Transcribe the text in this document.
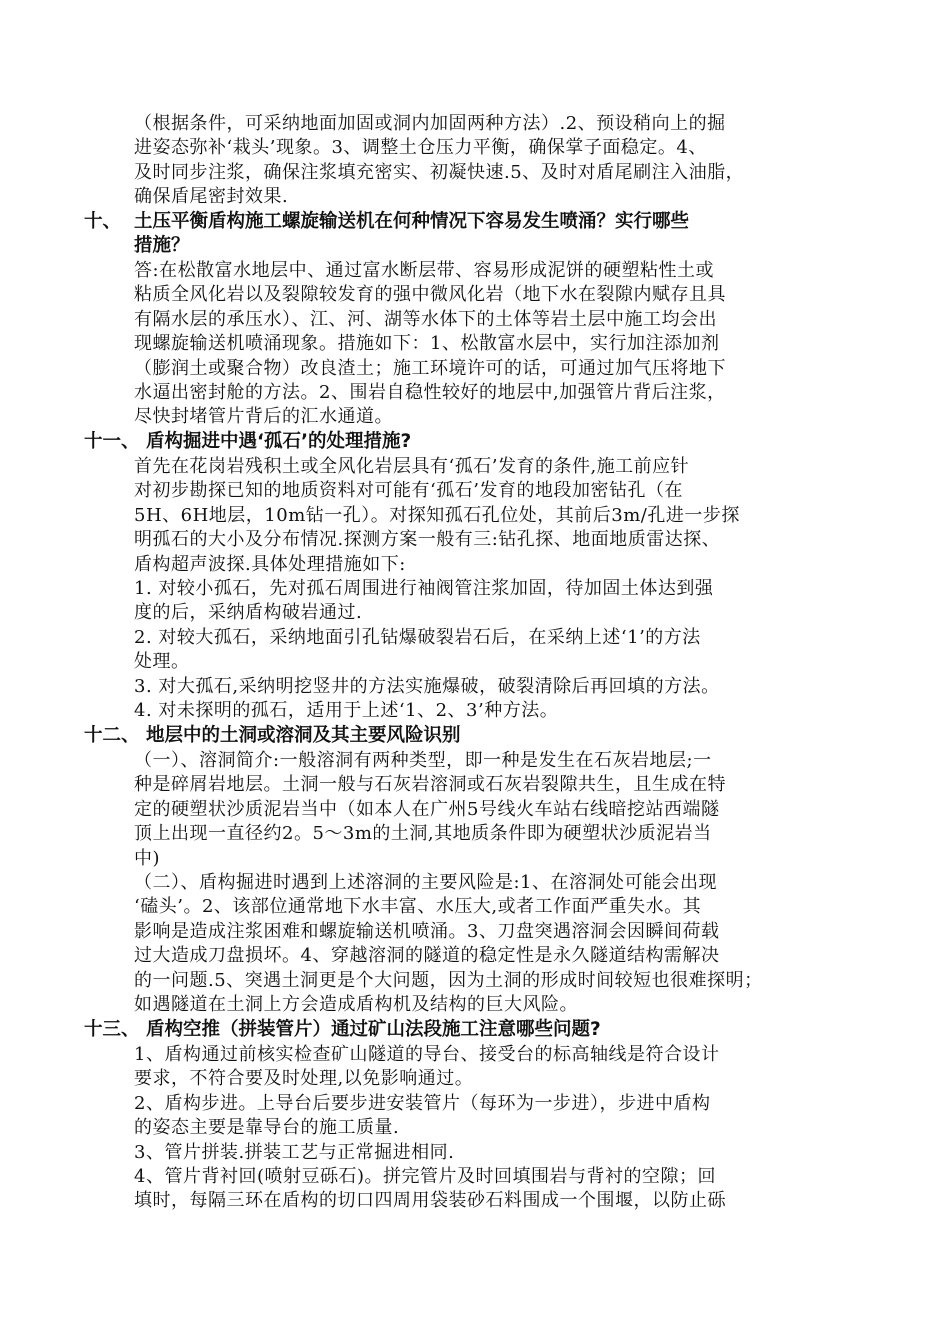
（根据条件，可采纳地面加固或洞内加固两种方法）.2、预设稍向上的掘
进姿态弥补‘栽头’现象。3、调整土仓压力平衡，确保掌子面稳定。4、
及时同步注浆，确保注浆填充密实、初凝快速.5、及时对盾尾刷注入油脂，
确保盾尾密封效果.
十、 土压平衡盾构施工螺旋输送机在何种情况下容易发生喷涌？实行哪些
措施？
答:在松散富水地层中、通过富水断层带、容易形成泥饼的硬塑粘性土或
粘质全风化岩以及裂隙较发育的强中微风化岩（地下水在裂隙内赋存且具
有隔水层的承压水）、江、河、湖等水体下的土体等岩土层中施工均会出
现螺旋输送机喷涌现象。措施如下：1、松散富水层中，实行加注添加剂
（膨润土或聚合物）改良渣土；施工环境许可的话，可通过加气压将地下
水逼出密封舱的方法。2、围岩自稳性较好的地层中,加强管片背后注浆，
尽快封堵管片背后的汇水通道。
十一、 盾构掘进中遇‘孤石’的处理措施?
首先在花岗岩残积土或全风化岩层具有‘孤石’发育的条件,施工前应针
对初步勘探已知的地质资料对可能有‘孤石’发育的地段加密钻孔（在
5H、6H地层，10m钻一孔）。对探知孤石孔位处，其前后3m/孔进一步探
明孤石的大小及分布情况.探测方案一般有三:钻孔探、地面地质雷达探、
盾构超声波探.具体处理措施如下:
1. 对较小孤石，先对孤石周围进行袖阀管注浆加固，待加固土体达到强
度的后，采纳盾构破岩通过.
2. 对较大孤石，采纳地面引孔钻爆破裂岩石后，在采纳上述‘1’的方法
处理。
3. 对大孤石,采纳明挖竖井的方法实施爆破，破裂清除后再回填的方法。
4. 对未探明的孤石，适用于上述‘1、2、3’种方法。
十二、 地层中的土洞或溶洞及其主要风险识别
（一）、溶洞简介:一般溶洞有两种类型，即一种是发生在石灰岩地层;一
种是碎屑岩地层。土洞一般与石灰岩溶洞或石灰岩裂隙共生，且生成在特
定的硬塑状沙质泥岩当中（如本人在广州5号线火车站右线暗挖站西端隧
顶上出现一直径约2。5～3m的土洞,其地质条件即为硬塑状沙质泥岩当
中)
（二）、盾构掘进时遇到上述溶洞的主要风险是:1、在溶洞处可能会出现
‘磕头’。2、该部位通常地下水丰富、水压大,或者工作面严重失水。其
影响是造成注浆困难和螺旋输送机喷涌。3、刀盘突遇溶洞会因瞬间荷载
过大造成刀盘损坏。4、穿越溶洞的隧道的稳定性是永久隧道结构需解决
的一问题.5、突遇土洞更是个大问题，因为土洞的形成时间较短也很难探明；
如遇隧道在土洞上方会造成盾构机及结构的巨大风险。
十三、 盾构空推（拼装管片）通过矿山法段施工注意哪些问题?
1、盾构通过前核实检查矿山隧道的导台、接受台的标高轴线是符合设计
要求，不符合要及时处理,以免影响通过。
2、盾构步进。上导台后要步进安装管片（每环为一步进），步进中盾构
的姿态主要是靠导台的施工质量.
3、管片拼装.拼装工艺与正常掘进相同.
4、管片背衬回(喷射豆砾石)。拼完管片及时回填围岩与背衬的空隙；回
填时，每隔三环在盾构的切口四周用袋装砂石料围成一个围堰，以防止砾
